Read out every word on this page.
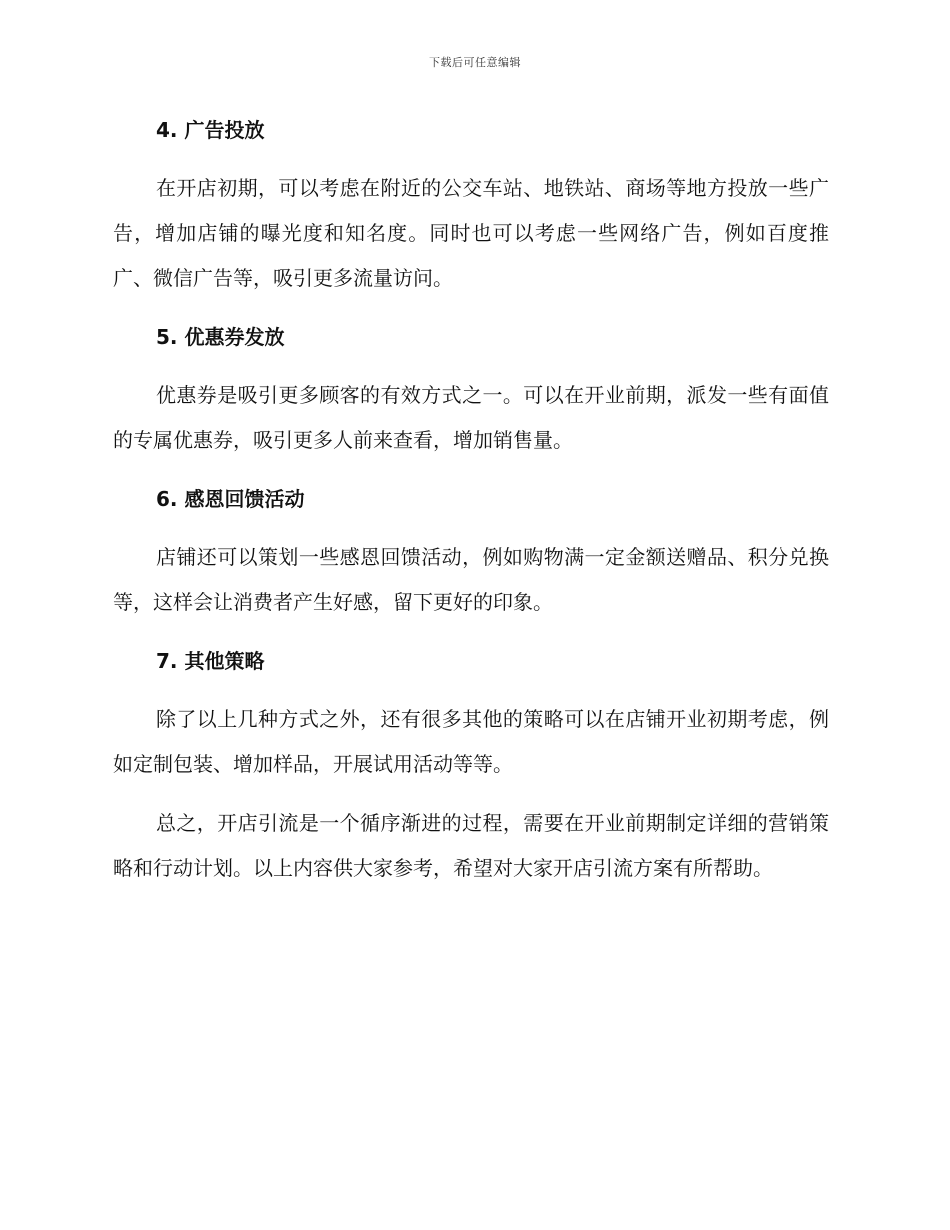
下载后可任意编辑
4. 广告投放

在开店初期，可以考虑在附近的公交车站、地铁站、商场等地方投放一些广告，增加店铺的曝光度和知名度。同时也可以考虑一些网络广告，例如百度推广、微信广告等，吸引更多流量访问。

5. 优惠券发放

优惠券是吸引更多顾客的有效方式之一。可以在开业前期，派发一些有面值的专属优惠券，吸引更多人前来查看，增加销售量。

6. 感恩回馈活动

店铺还可以策划一些感恩回馈活动，例如购物满一定金额送赠品、积分兑换等，这样会让消费者产生好感，留下更好的印象。

7. 其他策略

除了以上几种方式之外，还有很多其他的策略可以在店铺开业初期考虑，例如定制包装、增加样品，开展试用活动等等。

总之，开店引流是一个循序渐进的过程，需要在开业前期制定详细的营销策略和行动计划。以上内容供大家参考，希望对大家开店引流方案有所帮助。
